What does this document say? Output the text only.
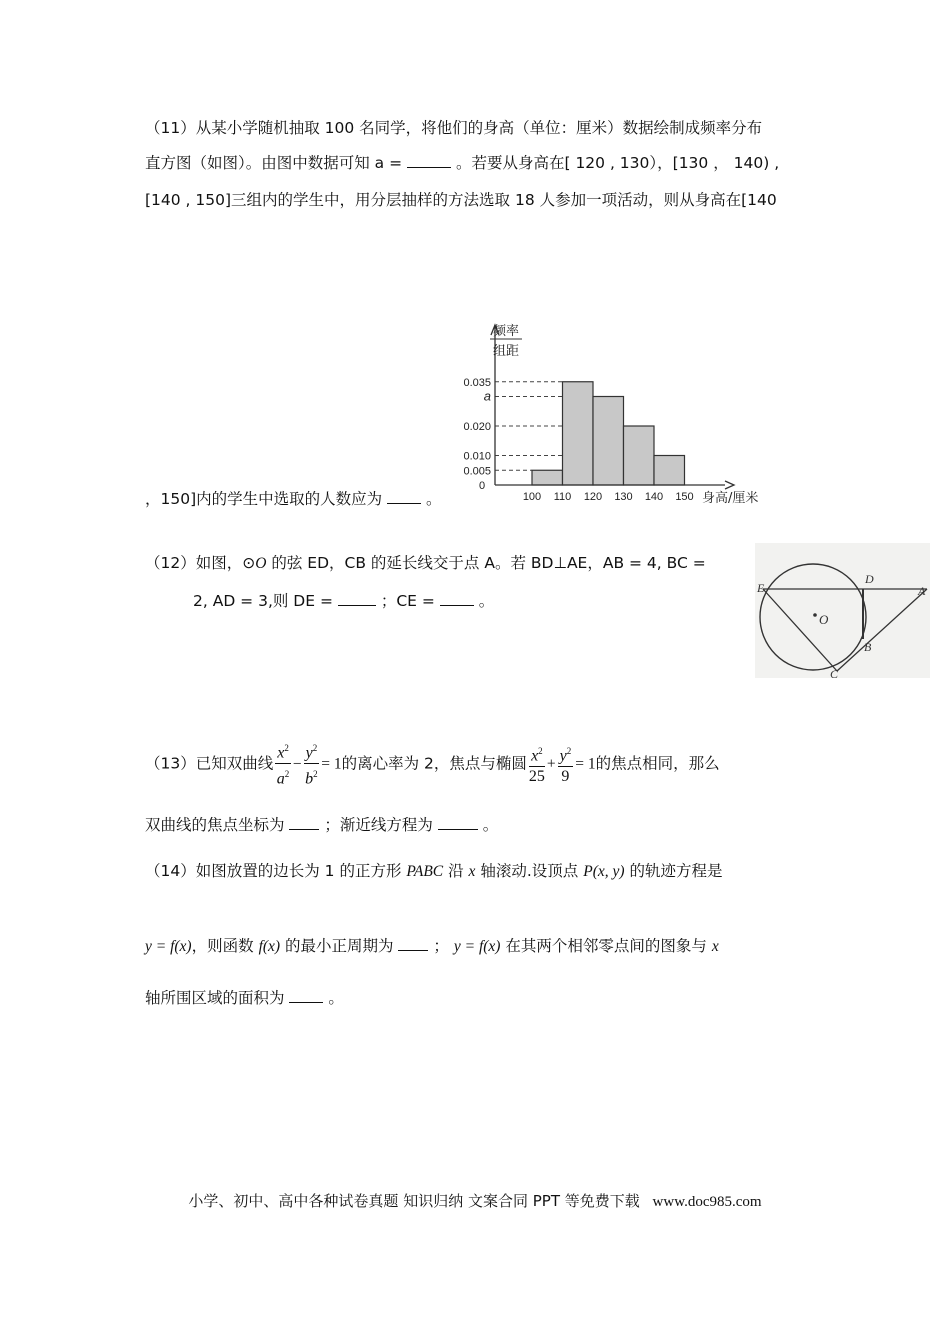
（11）从某小学随机抽取 100 名同学，将他们的身高（单位：厘米）数据绘制成频率分布
直方图（如图）。由图中数据可知 a =	。若要从身高在[ 120 , 130），[130 ， 140) ,
[140 , 150]三组内的学生中，用分层抽样的方法选取 18 人参加一项活动，则从身高在[140
0.005
0.010
0.020
a
0.035
100 110 120 130 140 150
0
频率
组距
身高/厘米
，150]内的学生中选取的人数应为	。
（12）如图，⊙O 的弦 ED，CB 的延长线交于点 A。若 BD⊥AE，AB = 4, BC =
2, AD = 3,则 DE =	；CE =	。
E
D
A
O
B
C
（13）已知双曲线 $\frac{x^2}{a^2} - \frac{y^2}{b^2} = 1$的离心率为 2，焦点与椭圆 $\frac{x^2}{25} + \frac{y^2}{9} = 1$的焦点相同，那么
双曲线的焦点坐标为	；渐近线方程为	。
（14）如图放置的边长为 1 的正方形 PABC 沿 x 轴滚动.设顶点 P(x, y) 的轨迹方程是
y = f(x)，则函数 f(x) 的最小正周期为	； y = f(x) 在其两个相邻零点间的图象与 x
轴所围区域的面积为	。
小学、初中、高中各种试卷真题 知识归纳 文案合同 PPT 等免费下载 www.doc985.com
